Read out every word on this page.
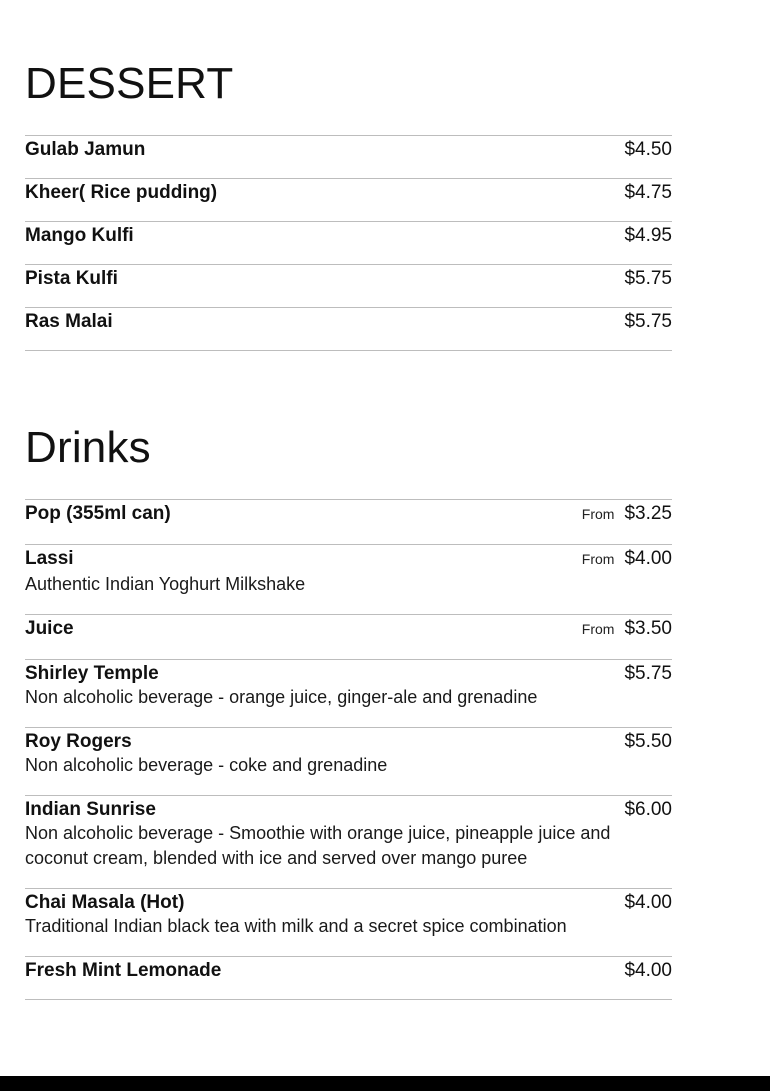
DESSERT
Gulab Jamun	$4.50
Kheer( Rice pudding)	$4.75
Mango Kulfi	$4.95
Pista Kulfi	$5.75
Ras Malai	$5.75
Drinks
Pop (355ml can)	From $3.25
Lassi	From $4.00
Authentic Indian Yoghurt Milkshake
Juice	From $3.50
Shirley Temple	$5.75
Non alcoholic beverage - orange juice, ginger-ale and grenadine
Roy Rogers	$5.50
Non alcoholic beverage - coke and grenadine
Indian Sunrise	$6.00
Non alcoholic beverage - Smoothie with orange juice, pineapple juice and coconut cream, blended with ice and served over mango puree
Chai Masala (Hot)	$4.00
Traditional Indian black tea with milk and a secret spice combination
Fresh Mint Lemonade	$4.00
